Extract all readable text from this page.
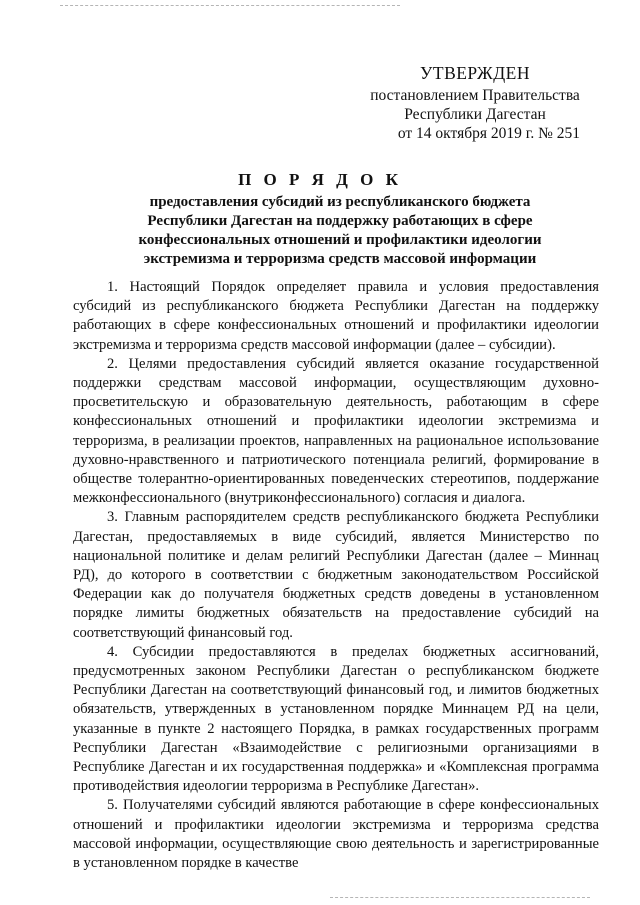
УТВЕРЖДЕН
постановлением Правительства
Республики Дагестан
от 14 октября 2019 г. № 251
П О Р Я Д О К
предоставления субсидий из республиканского бюджета
Республики Дагестан на поддержку работающих в сфере
конфессиональных отношений и профилактики идеологии
экстремизма и терроризма средств массовой информации

1. Настоящий Порядок определяет правила и условия предоставления субсидий из республиканского бюджета Республики Дагестан на поддержку работающих в сфере конфессиональных отношений и профилактики идеологии экстремизма и терроризма средств массовой информации (далее – субсидии).

2. Целями предоставления субсидий является оказание государственной поддержки средствам массовой информации, осуществляющим духовно-просветительскую и образовательную деятельность, работающим в сфере конфессиональных отношений и профилактики идеологии экстремизма и терроризма, в реализации проектов, направленных на рациональное использование духовно-нравственного и патриотического потенциала религий, формирование в обществе толерантно-ориентированных поведенческих стереотипов, поддержание межконфессионального (внутриконфессионального) согласия и диалога.

3. Главным распорядителем средств республиканского бюджета Республики Дагестан, предоставляемых в виде субсидий, является Министерство по национальной политике и делам религий Республики Дагестан (далее – Миннац РД), до которого в соответствии с бюджетным законодательством Российской Федерации как до получателя бюджетных средств доведены в установленном порядке лимиты бюджетных обязательств на предоставление субсидий на соответствующий финансовый год.

4. Субсидии предоставляются в пределах бюджетных ассигнований, предусмотренных законом Республики Дагестан о республиканском бюджете Республики Дагестан на соответствующий финансовый год, и лимитов бюджетных обязательств, утвержденных в установленном порядке Миннацем РД на цели, указанные в пункте 2 настоящего Порядка, в рамках государственных программ Республики Дагестан «Взаимодействие с религиозными организациями в Республике Дагестан и их государственная поддержка» и «Комплексная программа противодействия идеологии терроризма в Республике Дагестан».

5. Получателями субсидий являются работающие в сфере конфессиональных отношений и профилактики идеологии экстремизма и терроризма средства массовой информации, осуществляющие свою деятельность и зарегистрированные в установленном порядке в качестве
